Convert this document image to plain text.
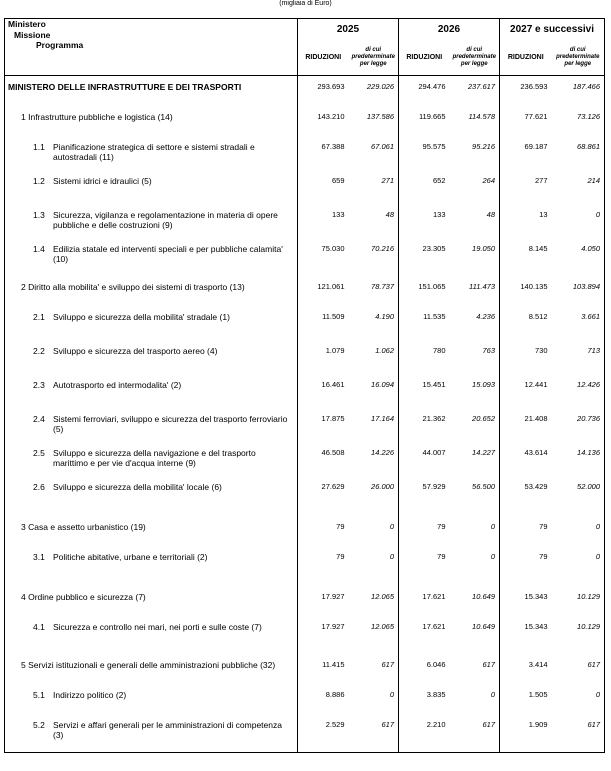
(migliaia di Euro)
Ministero
Missione
Programma	2025		2026		2027 e successivi	
	RIDUZIONI	di cui predeterminate per legge	RIDUZIONI	di cui predeterminate per legge	RIDUZIONI	di cui predeterminate per legge

MINISTERO DELLE INFRASTRUTTURE E DEI TRASPORTI	293.693	229.026	294.476	237.617	236.593	187.466
1 Infrastrutture pubbliche e logistica (14)	143.210	137.586	119.665	114.578	77.621	73.126
1.1 Pianificazione strategica di settore e sistemi stradali e autostradali (11)	67.388	67.061	95.575	95.216	69.187	68.861
1.2 Sistemi idrici e idraulici (5)	659	271	652	264	277	214
1.3 Sicurezza, vigilanza e regolamentazione in materia di opere pubbliche e delle costruzioni (9)	133	48	133	48	13	0
1.4 Edilizia statale ed interventi speciali e per pubbliche calamita' (10)	75.030	70.216	23.305	19.050	8.145	4.050
2 Diritto alla mobilita' e sviluppo dei sistemi di trasporto (13)	121.061	78.737	151.065	111.473	140.135	103.894
2.1 Sviluppo e sicurezza della mobilita' stradale (1)	11.509	4.190	11.535	4.236	8.512	3.661
2.2 Sviluppo e sicurezza del trasporto aereo (4)	1.079	1.062	780	763	730	713
2.3 Autotrasporto ed intermodalita' (2)	16.461	16.094	15.451	15.093	12.441	12.426
2.4 Sistemi ferroviari, sviluppo e sicurezza del trasporto ferroviario (5)	17.875	17.164	21.362	20.652	21.408	20.736
2.5 Sviluppo e sicurezza della navigazione e del trasporto marittimo e per vie d'acqua interne (9)	46.508	14.226	44.007	14.227	43.614	14.136
2.6 Sviluppo e sicurezza della mobilita' locale (6)	27.629	26.000	57.929	56.500	53.429	52.000
3 Casa e assetto urbanistico (19)	79	0	79	0	79	0
3.1 Politiche abitative, urbane e territoriali (2)	79	0	79	0	79	0
4 Ordine pubblico e sicurezza (7)	17.927	12.065	17.621	10.649	15.343	10.129
4.1 Sicurezza e controllo nei mari, nei porti e sulle coste (7)	17.927	12.065	17.621	10.649	15.343	10.129
5 Servizi istituzionali e generali delle amministrazioni pubbliche (32)	11.415	617	6.046	617	3.414	617
5.1 Indirizzo politico (2)	8.886	0	3.835	0	1.505	0
5.2 Servizi e affari generali per le amministrazioni di competenza (3)	2.529	617	2.210	617	1.909	617
